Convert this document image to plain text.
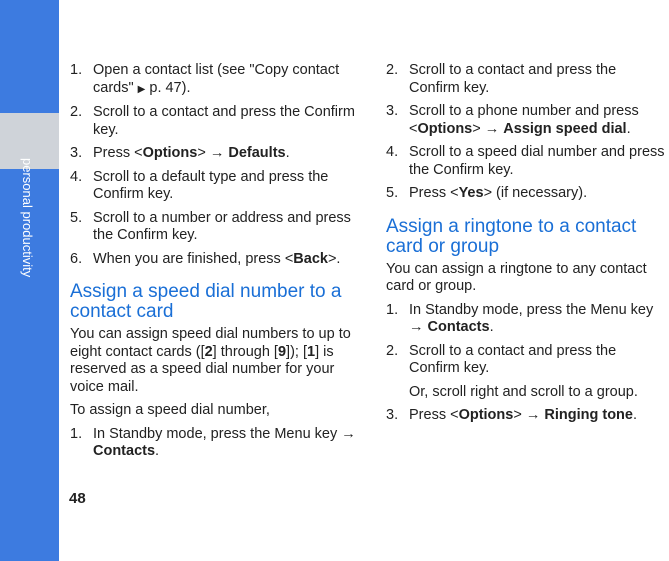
personal productivity
1. Open a contact list (see "Copy contact cards" ▶ p. 47).
2. Scroll to a contact and press the Confirm key.
3. Press <Options> → Defaults.
4. Scroll to a default type and press the Confirm key.
5. Scroll to a number or address and press the Confirm key.
6. When you are finished, press <Back>.
Assign a speed dial number to a contact card

You can assign speed dial numbers to up to eight contact cards ([2] through [9]); [1] is reserved as a speed dial number for your voice mail.

To assign a speed dial number,

1. In Standby mode, press the Menu key → Contacts.
2. Scroll to a contact and press the Confirm key.
3. Scroll to a phone number and press <Options> → Assign speed dial.
4. Scroll to a speed dial number and press the Confirm key.
5. Press <Yes> (if necessary).
Assign a ringtone to a contact card or group

You can assign a ringtone to any contact card or group.

1. In Standby mode, press the Menu key → Contacts.
2. Scroll to a contact and press the Confirm key.

Or, scroll right and scroll to a group.

3. Press <Options> → Ringing tone.
48
